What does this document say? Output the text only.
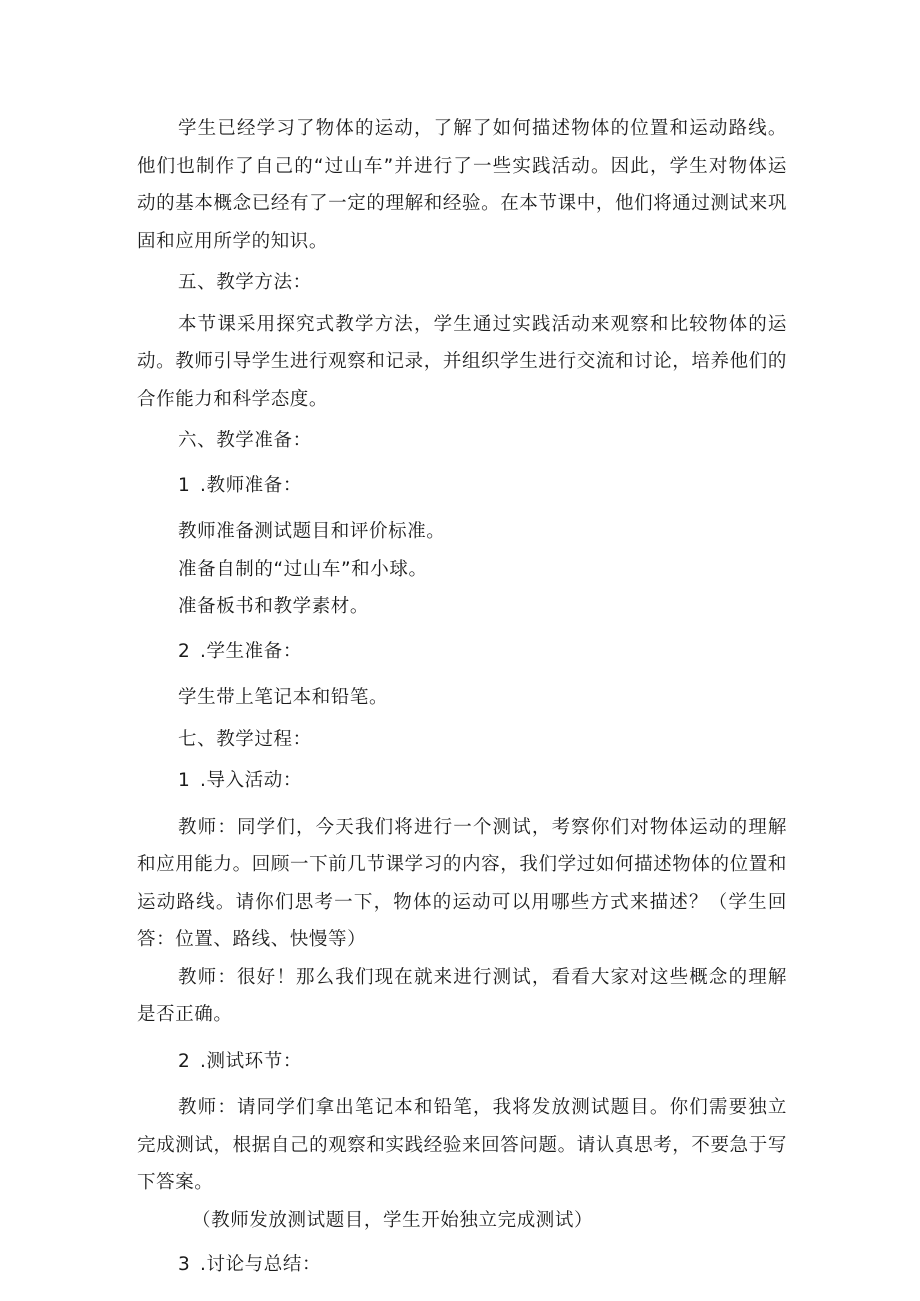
学生已经学习了物体的运动，了解了如何描述物体的位置和运动路线。他们也制作了自己的“过山车”并进行了一些实践活动。因此，学生对物体运动的基本概念已经有了一定的理解和经验。在本节课中，他们将通过测试来巩固和应用所学的知识。

五、教学方法：

本节课采用探究式教学方法，学生通过实践活动来观察和比较物体的运动。教师引导学生进行观察和记录，并组织学生进行交流和讨论，培养他们的合作能力和科学态度。

六、教学准备：

1 .教师准备：

教师准备测试题目和评价标准。

准备自制的“过山车”和小球。

准备板书和教学素材。

2 .学生准备：

学生带上笔记本和铅笔。

七、教学过程：

1 .导入活动：

教师：同学们，今天我们将进行一个测试，考察你们对物体运动的理解和应用能力。回顾一下前几节课学习的内容，我们学过如何描述物体的位置和运动路线。请你们思考一下，物体的运动可以用哪些方式来描述？（学生回答：位置、路线、快慢等）

教师：很好！那么我们现在就来进行测试，看看大家对这些概念的理解是否正确。

2 .测试环节：

教师：请同学们拿出笔记本和铅笔，我将发放测试题目。你们需要独立完成测试，根据自己的观察和实践经验来回答问题。请认真思考，不要急于写下答案。

（教师发放测试题目，学生开始独立完成测试）

3 .讨论与总结：
